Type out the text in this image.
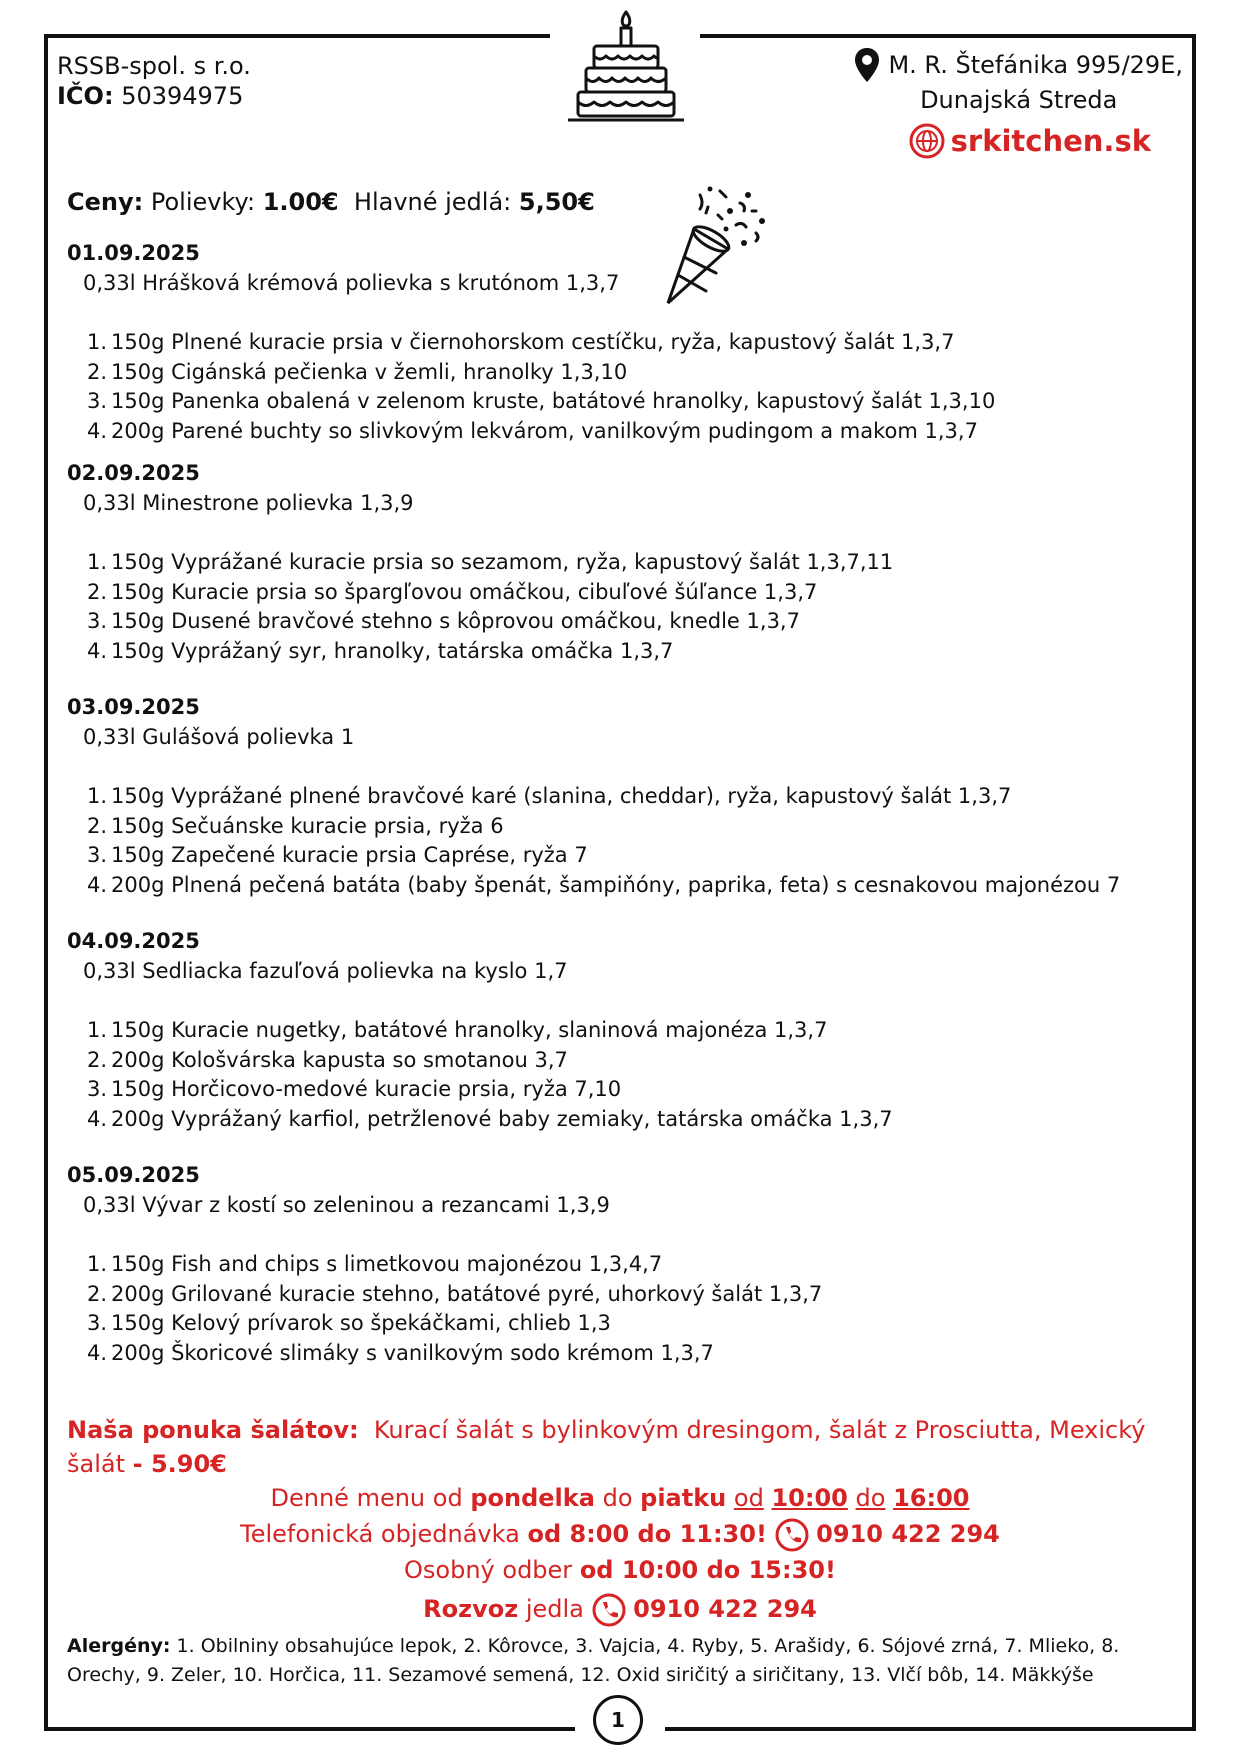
RSSB-spol. s r.o.
IČO: 50394975
M. R. Štefánika 995/29E,
Dunajská Streda
srkitchen.sk
Ceny: Polievky: 1.00€ Hlavné jedlá: 5,50€
01.09.2025
0,33l Hrášková krémová polievka s krutónom 1,3,7
1. 150g Plnené kuracie prsia v čiernohorskom cestíčku, ryža, kapustový šalát 1,3,7
2. 150g Cigánská pečienka v žemli, hranolky 1,3,10
3. 150g Panenka obalená v zelenom kruste, batátové hranolky, kapustový šalát 1,3,10
4. 200g Parené buchty so slivkovým lekvárom, vanilkovým pudingom a makom 1,3,7
02.09.2025
0,33l Minestrone polievka 1,3,9
1. 150g Vyprážané kuracie prsia so sezamom, ryža, kapustový šalát 1,3,7,11
2. 150g Kuracie prsia so špargľovou omáčkou, cibuľové šúľance 1,3,7
3. 150g Dusené bravčové stehno s kôprovou omáčkou, knedle 1,3,7
4. 150g Vyprážaný syr, hranolky, tatárska omáčka 1,3,7
03.09.2025
0,33l Gulášová polievka 1
1. 150g Vyprážané plnené bravčové karé (slanina, cheddar), ryža, kapustový šalát 1,3,7
2. 150g Sečuánske kuracie prsia, ryža 6
3. 150g Zapečené kuracie prsia Caprése, ryža 7
4. 200g Plnená pečená batáta (baby špenát, šampiňóny, paprika, feta) s cesnakovou majonézou 7
04.09.2025
0,33l Sedliacka fazuľová polievka na kyslo 1,7
1. 150g Kuracie nugetky, batátové hranolky, slaninová majonéza 1,3,7
2. 200g Kološvárska kapusta so smotanou 3,7
3. 150g Horčicovo-medové kuracie prsia, ryža 7,10
4. 200g Vyprážaný karfiol, petržlenové baby zemiaky, tatárska omáčka 1,3,7
05.09.2025
0,33l Vývar z kostí so zeleninou a rezancami 1,3,9
1. 150g Fish and chips s limetkovou majonézou 1,3,4,7
2. 200g Grilované kuracie stehno, batátové pyré, uhorkový šalát 1,3,7
3. 150g Kelový prívarok so špekáčkami, chlieb 1,3
4. 200g Škoricové slimáky s vanilkovým sodo krémom 1,3,7
Naša ponuka šalátov: Kurací šalát s bylinkovým dresingom, šalát z Prosciutta, Mexický šalát - 5.90€
Denné menu od pondelka do piatku od 10:00 do 16:00
Telefonická objednávka od 8:00 do 11:30! 0910 422 294
Osobný odber od 10:00 do 15:30!
Rozvoz jedla 0910 422 294
Alergény: 1. Obilniny obsahujúce lepok, 2. Kôrovce, 3. Vajcia, 4. Ryby, 5. Arašidy, 6. Sójové zrná, 7. Mlieko, 8. Orechy, 9. Zeler, 10. Horčica, 11. Sezamové semená, 12. Oxid siričitý a siričitany, 13. Vlčí bôb, 14. Mäkkýše
1
